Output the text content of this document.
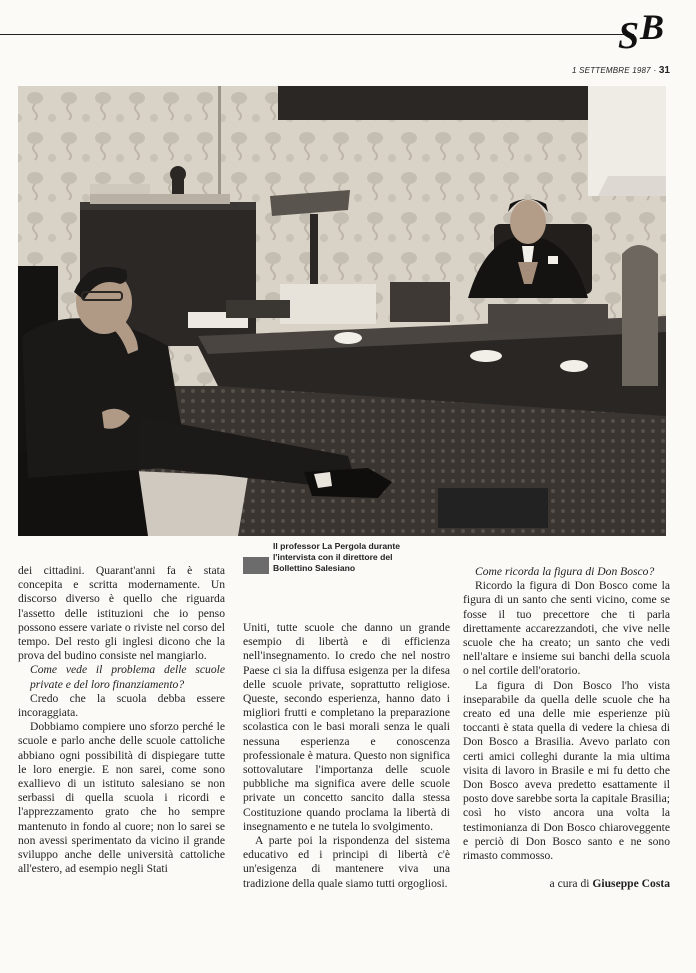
S B
1 SETTEMBRE 1987 · 31
Il professor La Pergola durante
l'intervista con il direttore del
Bollettino Salesiano

dei cittadini. Quarant'anni fa è stata concepita e scritta modernamente. Un discorso diverso è quello che riguarda l'assetto delle istituzioni che io penso possono essere variate o riviste nel corso del tempo. Del resto gli inglesi dicono che la prova del budino consiste nel mangiarlo.

Come vede il problema delle scuole private e del loro finanziamento?

Credo che la scuola debba essere incoraggiata.

Dobbiamo compiere uno sforzo perché le scuole e parlo anche delle scuole cattoliche abbiano ogni possibilità di dispiegare tutte le loro energie. E non sarei, come sono exallievo di un istituto salesiano se non serbassi di quella scuola i ricordi e l'apprezzamento grato che ho sempre mantenuto in fondo al cuore; non lo sarei se non avessi sperimentato da vicino il grande sviluppo anche delle università cattoliche all'estero, ad esempio negli Stati

Uniti, tutte scuole che danno un grande esempio di libertà e di efficienza nell'insegnamento. Io credo che nel nostro Paese ci sia la diffusa esigenza per la difesa delle scuole private, soprattutto religiose. Queste, secondo esperienza, hanno dato i migliori frutti e completano la preparazione scolastica con le basi morali senza le quali nessuna esperienza e conoscenza professionale è matura. Questo non significa sottovalutare l'importanza delle scuole pubbliche ma significa avere delle scuole private un concetto sancito dalla stessa Costituzione quando proclama la libertà di insegnamento e ne tutela lo svolgimento.

A parte poi la rispondenza del sistema educativo ed i principi di libertà c'è un'esigenza di mantenere viva una tradizione della quale siamo tutti orgogliosi.

Come ricorda la figura di Don Bosco?

Ricordo la figura di Don Bosco come la figura di un santo che senti vicino, come se fosse il tuo precettore che ti parla direttamente accarezzandoti, che vive nelle scuole che ha creato; un santo che vedi nell'altare e insieme sui banchi della scuola o nel cortile dell'oratorio.

La figura di Don Bosco l'ho vista inseparabile da quella delle scuole che ha creato ed una delle mie esperienze più toccanti è stata quella di vedere la chiesa di Don Bosco a Brasilia. Avevo parlato con certi amici colleghi durante la mia ultima visita di lavoro in Brasile e mi fu detto che Don Bosco aveva predetto esattamente il posto dove sarebbe sorta la capitale Brasilia; così ho visto ancora una volta la testimonianza di Don Bosco chiaroveggente e perciò di Don Bosco santo e ne sono rimasto commosso.

a cura di Giuseppe Costa
